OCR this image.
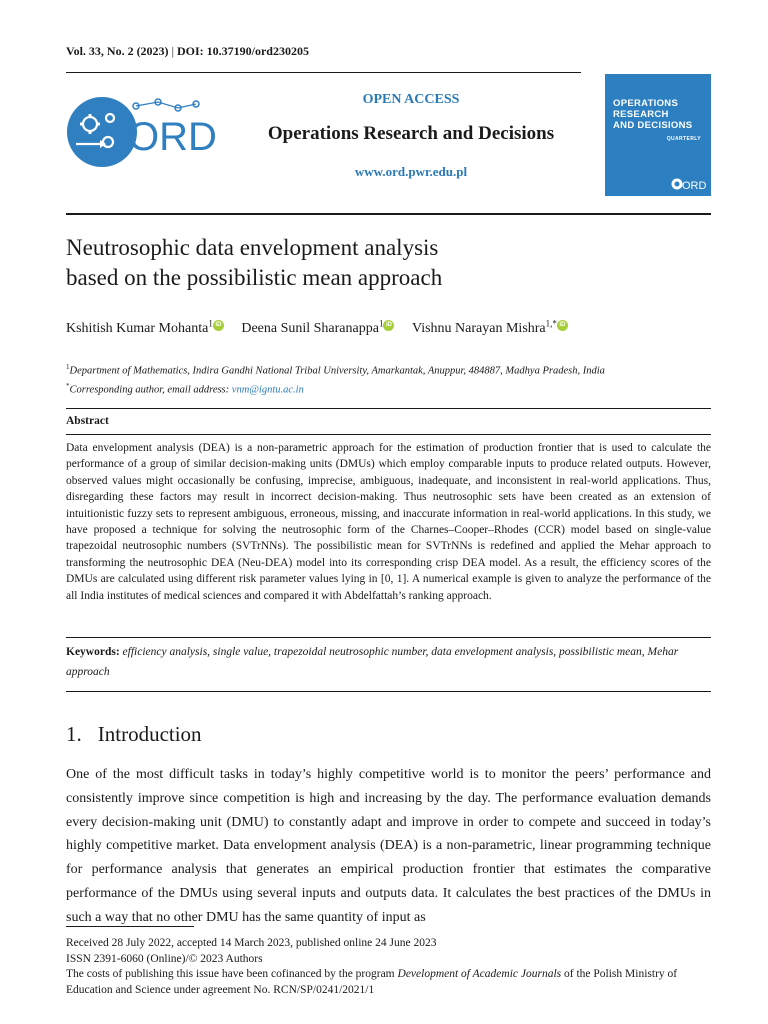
Vol. 33, No. 2 (2023) | DOI: 10.37190/ord230205
ORD
OPEN ACCESS
Operations Research and Decisions
www.ord.pwr.edu.pl
OPERATIONS
RESEARCH
AND DECISIONS
QUARTERLY
ORD
Neutrosophic data envelopment analysis
based on the possibilistic mean approach
Kshitish Kumar Mohanta$^1$ iD Deena Sunil Sharanappa$^1$ iD Vishnu Narayan Mishra$^{1,*}$ iD
$^1$Department of Mathematics, Indira Gandhi National Tribal University, Amarkantak, Anuppur, 484887, Madhya Pradesh, India
*Corresponding author, email address: vnm@igntu.ac.in
Abstract
Data envelopment analysis (DEA) is a non-parametric approach for the estimation of production frontier that is used to calculate the performance of a group of similar decision-making units (DMUs) which employ comparable inputs to produce related outputs. However, observed values might occasionally be confusing, imprecise, ambiguous, inadequate, and inconsistent in real-world applications. Thus, disregarding these factors may result in incorrect decision-making. Thus neutrosophic sets have been created as an extension of intuitionistic fuzzy sets to represent ambiguous, erroneous, missing, and inaccurate information in real-world applications. In this study, we have proposed a technique for solving the neutrosophic form of the Charnes–Cooper–Rhodes (CCR) model based on single-value trapezoidal neutrosophic numbers (SVTrNNs). The possibilistic mean for SVTrNNs is redefined and applied the Mehar approach to transforming the neutrosophic DEA (Neu-DEA) model into its corresponding crisp DEA model. As a result, the efficiency scores of the DMUs are calculated using different risk parameter values lying in [0, 1]. A numerical example is given to analyze the performance of the all India institutes of medical sciences and compared it with Abdelfattah’s ranking approach.
Keywords: efficiency analysis, single value, trapezoidal neutrosophic number, data envelopment analysis, possibilistic mean, Mehar approach
1. Introduction
One of the most difficult tasks in today’s highly competitive world is to monitor the peers’ performance and consistently improve since competition is high and increasing by the day. The performance evaluation demands every decision-making unit (DMU) to constantly adapt and improve in order to compete and succeed in today’s highly competitive market. Data envelopment analysis (DEA) is a non-parametric, linear programming technique for performance analysis that generates an empirical production frontier that estimates the comparative performance of the DMUs using several inputs and outputs data. It calculates the best practices of the DMUs in such a way that no other DMU has the same quantity of input as
Received 28 July 2022, accepted 14 March 2023, published online 24 June 2023
ISSN 2391-6060 (Online)/© 2023 Authors
The costs of publishing this issue have been cofinanced by the program Development of Academic Journals of the Polish Ministry of Education and Science under agreement No. RCN/SP/0241/2021/1
